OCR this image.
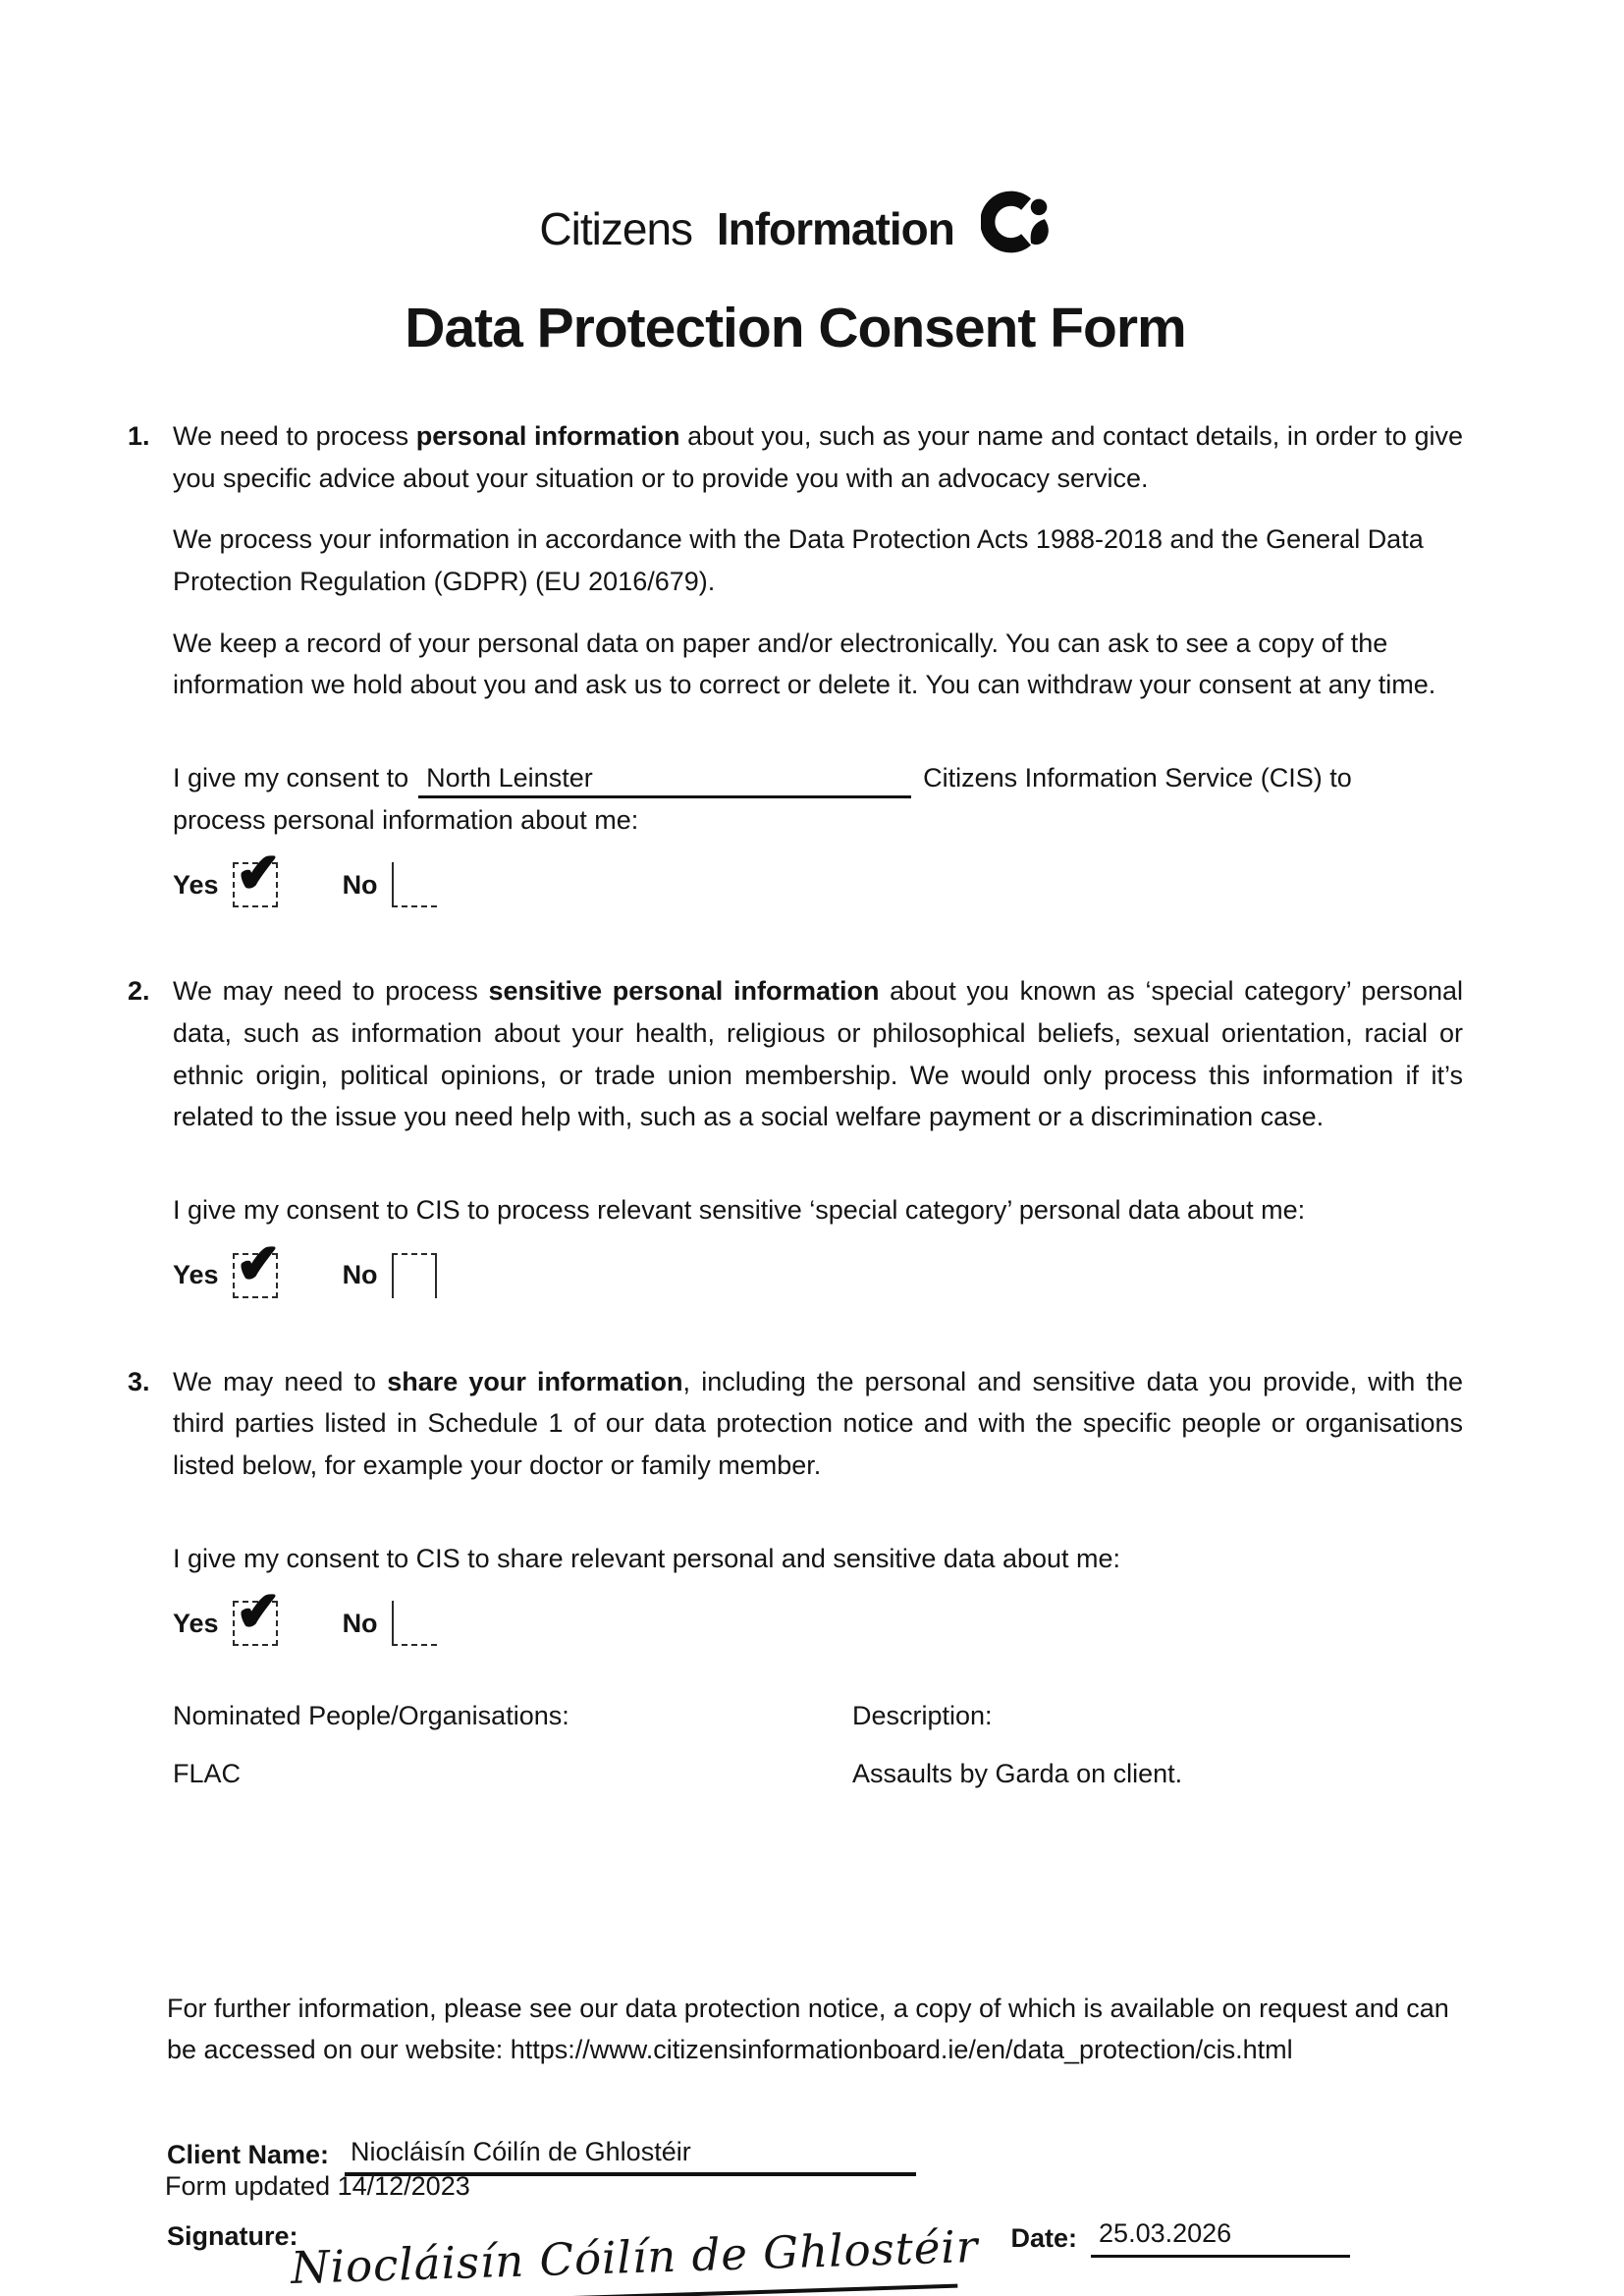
Citizens Information
Data Protection Consent Form
1. We need to process personal information about you, such as your name and contact details, in order to give you specific advice about your situation or to provide you with an advocacy service.

We process your information in accordance with the Data Protection Acts 1988-2018 and the General Data Protection Regulation (GDPR) (EU 2016/679).

We keep a record of your personal data on paper and/or electronically. You can ask to see a copy of the information we hold about you and ask us to correct or delete it. You can withdraw your consent at any time.

I give my consent to North Leinster	Citizens Information Service (CIS) to

process personal information about me:

Yes ✔ No
2. We may need to process sensitive personal information about you known as ‘special category’ personal data, such as information about your health, religious or philosophical beliefs, sexual orientation, racial or ethnic origin, political opinions, or trade union membership. We would only process this information if it’s related to the issue you need help with, such as a social welfare payment or a discrimination case.

I give my consent to CIS to process relevant sensitive ‘special category’ personal data about me:

Yes ✔ No
3. We may need to share your information, including the personal and sensitive data you provide, with the third parties listed in Schedule 1 of our data protection notice and with the specific people or organisations listed below, for example your doctor or family member.

I give my consent to CIS to share relevant personal and sensitive data about me:

Yes ✔ No
Nominated People/Organisations:	Description:
FLAC	Assaults by Garda on client.

For further information, please see our data protection notice, a copy of which is available on request and can be accessed on our website: https://www.citizensinformationboard.ie/en/data_protection/cis.html

Client Name: Niocláisín Cóilín de Ghlostéir
Signature:
Niocláisín Cóilín de Ghlostéir Date: 25.03.2026
Form updated 14/12/2023
